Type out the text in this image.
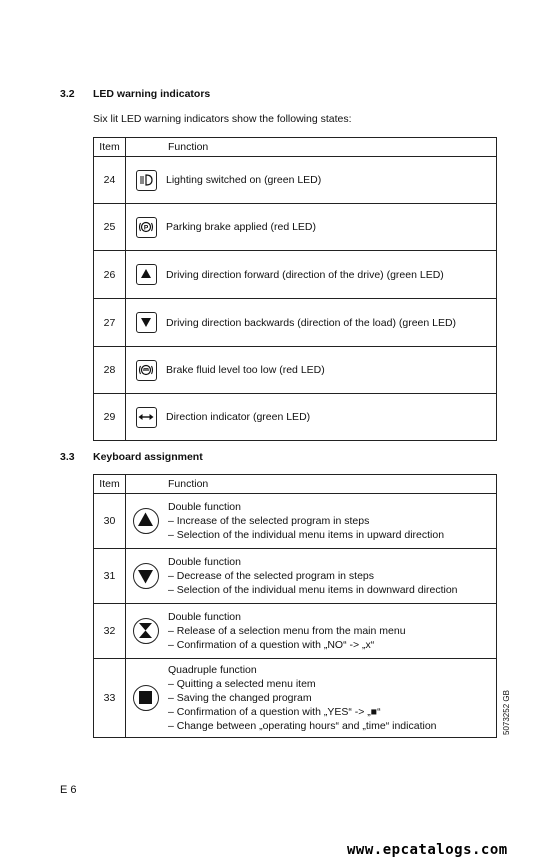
3.2 LED warning indicators
Six lit LED warning indicators show the following states:
Item	Function	
24		Lighting switched on (green LED)
25	P	Parking brake applied (red LED)
26		Driving direction forward (direction of the drive) (green LED)
27		Driving direction backwards (direction of the load) (green LED)
28		Brake fluid level too low (red LED)
29		Direction indicator (green LED)
3.3 Keyboard assignment
Item	Function	
30		Double function
– Increase of the selected program in steps
– Selection of the individual menu items in upward direction

31		Double function
– Decrease of the selected program in steps
– Selection of the individual menu items in downward direction

32		Double function
– Release of a selection menu from the main menu
– Confirmation of a question with „NO“ -> „x“

33		Quadruple function
– Quitting a selected menu item
– Saving the changed program
– Confirmation of a question with „YES“ -> „■“
– Change between „operating hours“ and „time“ indication	5073252 GB
E 6
www.epcatalogs.com
